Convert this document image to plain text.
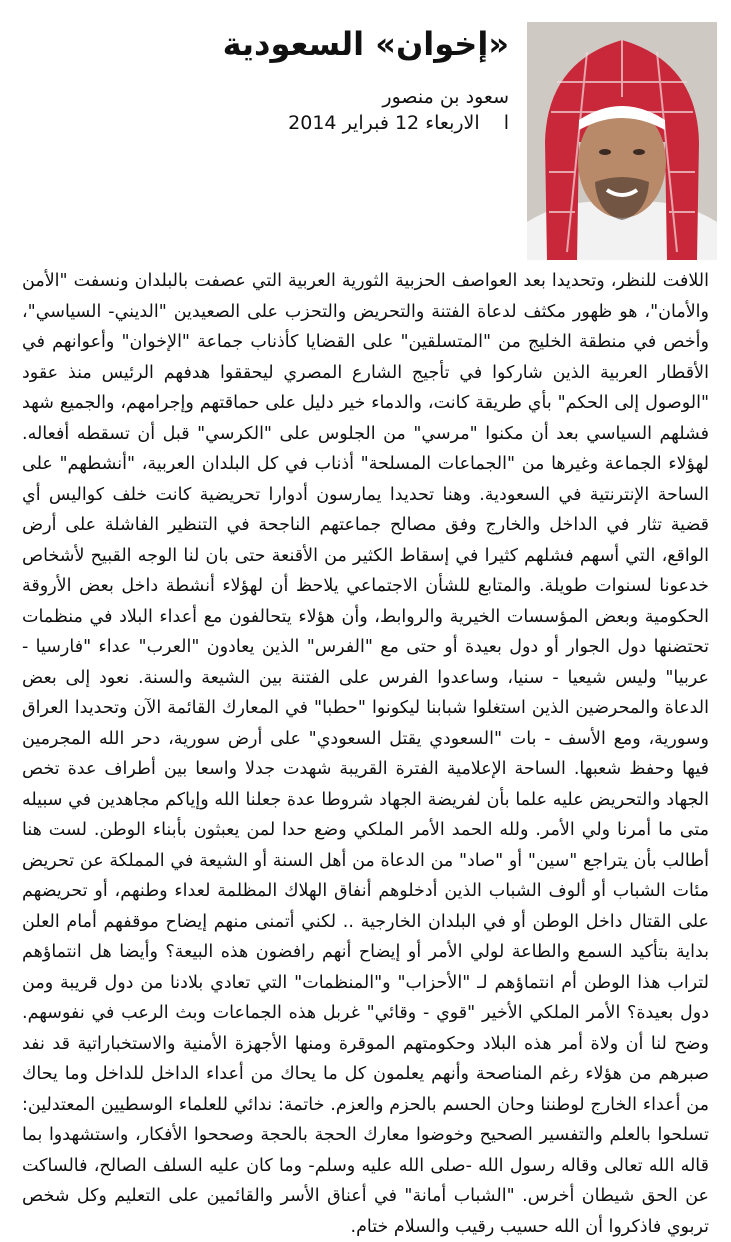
«إخوان» السعودية
سعود بن منصور
ا الاربعاء 12 فبراير 2014

اللافت للنظر، وتحديدا بعد العواصف الحزبية الثورية العربية التي عصفت بالبلدان ونسفت "الأمن والأمان"، هو ظهور مكثف لدعاة الفتنة والتحريض والتحزب على الصعيدين "الديني- السياسي"، وأخص في منطقة الخليج من "المتسلقين" على القضايا كأذناب جماعة "الإخوان" وأعوانهم في الأقطار العربية الذين شاركوا في تأجيج الشارع المصري ليحققوا هدفهم الرئيس منذ عقود "الوصول إلى الحكم" بأي طريقة كانت، والدماء خير دليل على حماقتهم وإجرامهم، والجميع شهد فشلهم السياسي بعد أن مكنوا "مرسي" من الجلوس على "الكرسي" قبل أن تسقطه أفعاله. لهؤلاء الجماعة وغيرها من "الجماعات المسلحة" أذناب في كل البلدان العربية، "أنشطهم" على الساحة الإنترنتية في السعودية. وهنا تحديدا يمارسون أدوارا تحريضية كانت خلف كواليس أي قضية تثار في الداخل والخارج وفق مصالح جماعتهم الناجحة في التنظير الفاشلة على أرض الواقع، التي أسهم فشلهم كثيرا في إسقاط الكثير من الأقنعة حتى بان لنا الوجه القبيح لأشخاص خدعونا لسنوات طويلة. والمتابع للشأن الاجتماعي يلاحظ أن لهؤلاء أنشطة داخل بعض الأروقة الحكومية وبعض المؤسسات الخيرية والروابط، وأن هؤلاء يتحالفون مع أعداء البلاد في منظمات تحتضنها دول الجوار أو دول بعيدة أو حتى مع "الفرس" الذين يعادون "العرب" عداء "فارسيا - عربيا" وليس شيعيا - سنيا، وساعدوا الفرس على الفتنة بين الشيعة والسنة. نعود إلى بعض الدعاة والمحرضين الذين استغلوا شبابنا ليكونوا "حطبا" في المعارك القائمة الآن وتحديدا العراق وسورية، ومع الأسف - بات "السعودي يقتل السعودي" على أرض سورية، دحر الله المجرمين فيها وحفظ شعبها. الساحة الإعلامية الفترة القريبة شهدت جدلا واسعا بين أطراف عدة تخص الجهاد والتحريض عليه علما بأن لفريضة الجهاد شروطا عدة جعلنا الله وإياكم مجاهدين في سبيله متى ما أمرنا ولي الأمر. ولله الحمد الأمر الملكي وضع حدا لمن يعبثون بأبناء الوطن. لست هنا أطالب بأن يتراجع "سين" أو "صاد" من الدعاة من أهل السنة أو الشيعة في المملكة عن تحريض مئات الشباب أو ألوف الشباب الذين أدخلوهم أنفاق الهلاك المظلمة لعداء وطنهم، أو تحريضهم على القتال داخل الوطن أو في البلدان الخارجية .. لكني أتمنى منهم إيضاح موقفهم أمام العلن بداية بتأكيد السمع والطاعة لولي الأمر أو إيضاح أنهم رافضون هذه البيعة؟ وأيضا هل انتماؤهم لتراب هذا الوطن أم انتماؤهم لـ "الأحزاب" و"المنظمات" التي تعادي بلادنا من دول قريبة ومن دول بعيدة؟ الأمر الملكي الأخير "قوي - وقائي" غربل هذه الجماعات وبث الرعب في نفوسهم. وضح لنا أن ولاة أمر هذه البلاد وحكومتهم الموقرة ومنها الأجهزة الأمنية والاستخباراتية قد نفد صبرهم من هؤلاء رغم المناصحة وأنهم يعلمون كل ما يحاك من أعداء الداخل للداخل وما يحاك من أعداء الخارج لوطننا وحان الحسم بالحزم والعزم. خاتمة: ندائي للعلماء الوسطيين المعتدلين: تسلحوا بالعلم والتفسير الصحيح وخوضوا معارك الحجة بالحجة وصححوا الأفكار، واستشهدوا بما قاله الله تعالى وقاله رسول الله -صلى الله عليه وسلم- وما كان عليه السلف الصالح، فالساكت عن الحق شيطان أخرس. "الشباب أمانة" في أعناق الأسر والقائمين على التعليم وكل شخص تربوي فاذكروا أن الله حسيب رقيب والسلام ختام.
